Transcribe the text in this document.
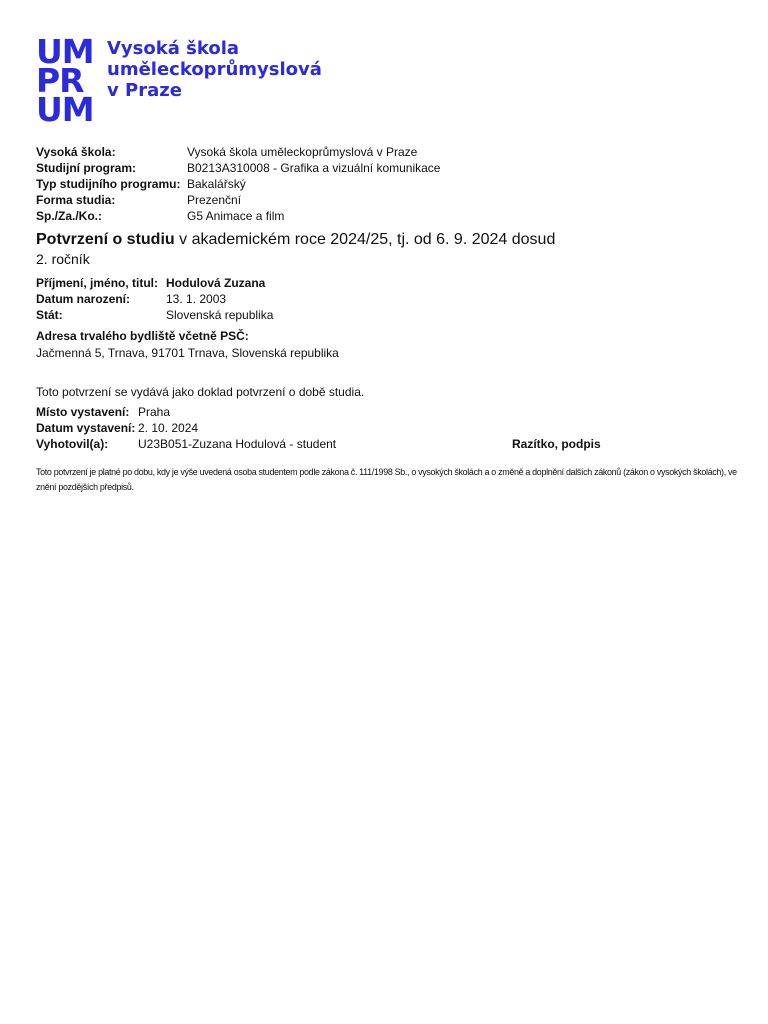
UM
PR
UM
Vysoká škola
uměleckoprůmyslová
v Praze
Vysoká škola:	Vysoká škola uměleckoprůmyslová v Praze
Studijní program:	B0213A310008 - Grafika a vizuální komunikace
Typ studijního programu: Bakalářský
Forma studia:	Prezenční
Sp./Za./Ko.:	G5 Animace a film
Potvrzení o studiu v akademickém roce 2024/25, tj. od 6. 9. 2024 dosud
2. ročník
Příjmení, jméno, titul: Hodulová Zuzana
Datum narození:	13. 1. 2003
Stát:	Slovenská republika
Adresa trvalého bydliště včetně PSČ:
Jačmenná 5, Trnava, 91701 Trnava, Slovenská republika
Toto potvrzení se vydává jako doklad potvrzení o době studia.
Místo vystavení: Praha
Datum vystavení: 2. 10. 2024
Vyhotovil(a): U23B051-Zuzana Hodulová - student	Razítko, podpis
Toto potvrzení je platné po dobu, kdy je výše uvedená osoba studentem podle zákona č. 111/1998 Sb., o vysokých školách a o změně a doplnění dalších zákonů (zákon o vysokých školách), ve znění pozdějších předpisů.
